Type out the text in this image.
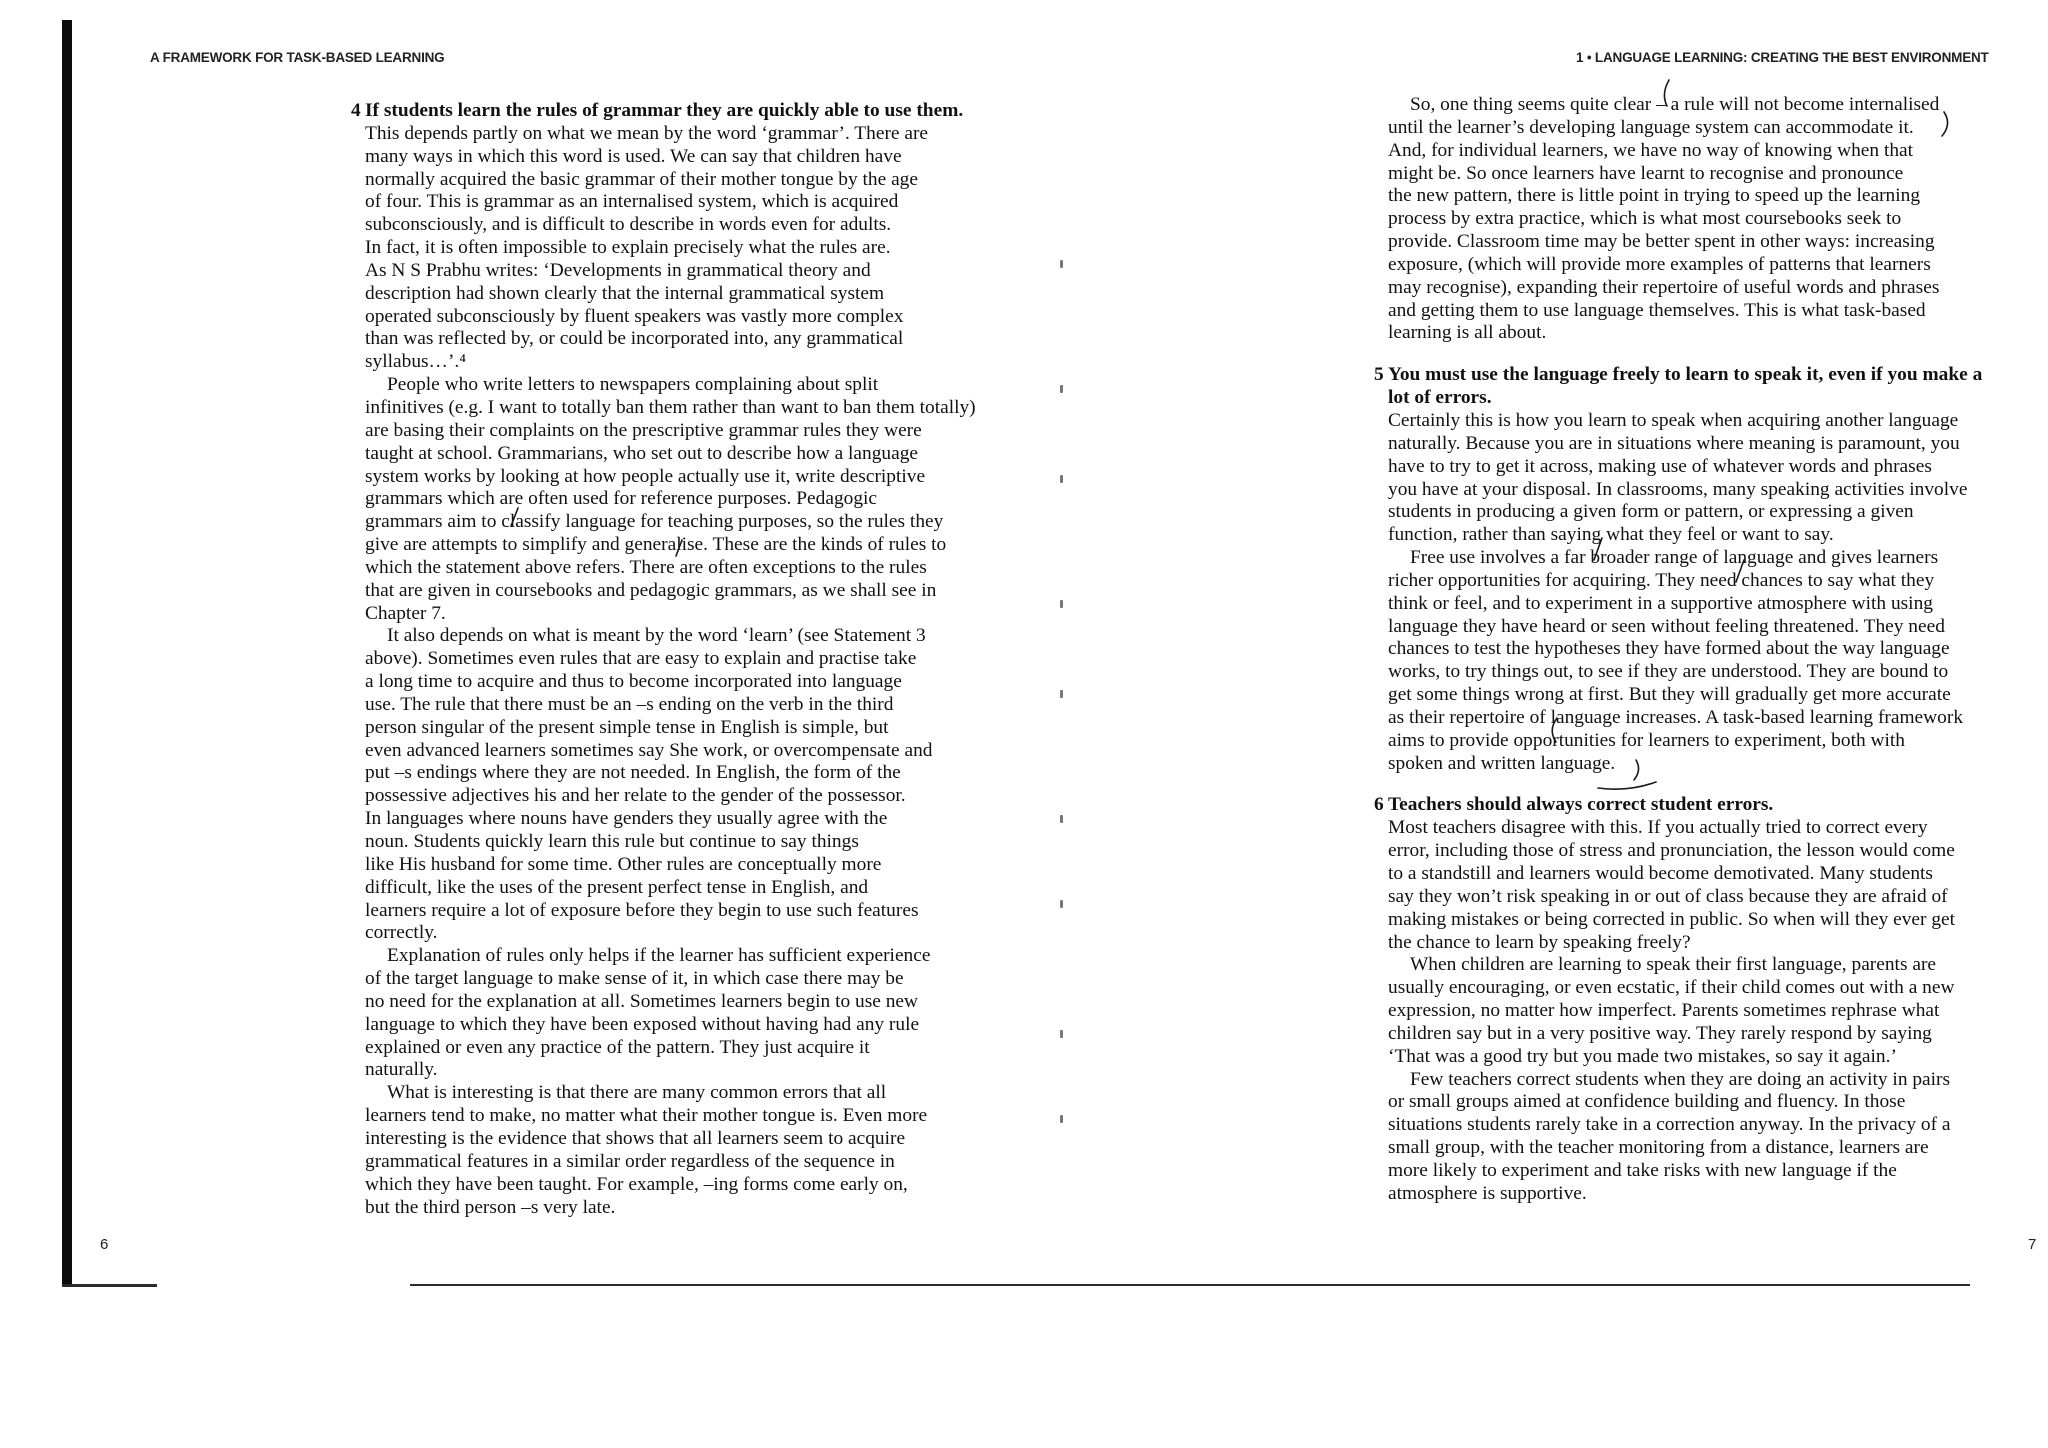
A FRAMEWORK FOR TASK-BASED LEARNING
4 If students learn the rules of grammar they are quickly able to use them.
This depends partly on what we mean by the word ‘grammar’. There are
many ways in which this word is used. We can say that children have
normally acquired the basic grammar of their mother tongue by the age
of four. This is grammar as an internalised system, which is acquired
subconsciously, and is difficult to describe in words even for adults.
In fact, it is often impossible to explain precisely what the rules are.
As N S Prabhu writes: ‘Developments in grammatical theory and
description had shown clearly that the internal grammatical system
operated subconsciously by fluent speakers was vastly more complex
than was reflected by, or could be incorporated into, any grammatical
syllabus…’.⁴
People who write letters to newspapers complaining about split
infinitives (e.g. I want to totally ban them rather than want to ban them totally)
are basing their complaints on the prescriptive grammar rules they were
taught at school. Grammarians, who set out to describe how a language
system works by looking at how people actually use it, write descriptive
grammars which are often used for reference purposes. Pedagogic
grammars aim to classify language for teaching purposes, so the rules they
give are attempts to simplify and generalise. These are the kinds of rules to
which the statement above refers. There are often exceptions to the rules
that are given in coursebooks and pedagogic grammars, as we shall see in
Chapter 7.
It also depends on what is meant by the word ‘learn’ (see Statement 3
above). Sometimes even rules that are easy to explain and practise take
a long time to acquire and thus to become incorporated into language
use. The rule that there must be an –s ending on the verb in the third
person singular of the present simple tense in English is simple, but
even advanced learners sometimes say She work, or overcompensate and
put –s endings where they are not needed. In English, the form of the
possessive adjectives his and her relate to the gender of the possessor.
In languages where nouns have genders they usually agree with the
noun. Students quickly learn this rule but continue to say things
like His husband for some time. Other rules are conceptually more
difficult, like the uses of the present perfect tense in English, and
learners require a lot of exposure before they begin to use such features
correctly.
Explanation of rules only helps if the learner has sufficient experience
of the target language to make sense of it, in which case there may be
no need for the explanation at all. Sometimes learners begin to use new
language to which they have been exposed without having had any rule
explained or even any practice of the pattern. They just acquire it
naturally.
What is interesting is that there are many common errors that all
learners tend to make, no matter what their mother tongue is. Even more
interesting is the evidence that shows that all learners seem to acquire
grammatical features in a similar order regardless of the sequence in
which they have been taught. For example, –ing forms come early on,
but the third person –s very late.
6
1 • LANGUAGE LEARNING: CREATING THE BEST ENVIRONMENT
So, one thing seems quite clear – a rule will not become internalised
until the learner’s developing language system can accommodate it.
And, for individual learners, we have no way of knowing when that
might be. So once learners have learnt to recognise and pronounce
the new pattern, there is little point in trying to speed up the learning
process by extra practice, which is what most coursebooks seek to
provide. Classroom time may be better spent in other ways: increasing
exposure, (which will provide more examples of patterns that learners
may recognise), expanding their repertoire of useful words and phrases
and getting them to use language themselves. This is what task-based
learning is all about.
5 You must use the language freely to learn to speak it, even if you make a
lot of errors.
Certainly this is how you learn to speak when acquiring another language
naturally. Because you are in situations where meaning is paramount, you
have to try to get it across, making use of whatever words and phrases
you have at your disposal. In classrooms, many speaking activities involve
students in producing a given form or pattern, or expressing a given
function, rather than saying what they feel or want to say.
Free use involves a far broader range of language and gives learners
richer opportunities for acquiring. They need chances to say what they
think or feel, and to experiment in a supportive atmosphere with using
language they have heard or seen without feeling threatened. They need
chances to test the hypotheses they have formed about the way language
works, to try things out, to see if they are understood. They are bound to
get some things wrong at first. But they will gradually get more accurate
as their repertoire of language increases. A task-based learning framework
aims to provide opportunities for learners to experiment, both with
spoken and written language.
6 Teachers should always correct student errors.
Most teachers disagree with this. If you actually tried to correct every
error, including those of stress and pronunciation, the lesson would come
to a standstill and learners would become demotivated. Many students
say they won’t risk speaking in or out of class because they are afraid of
making mistakes or being corrected in public. So when will they ever get
the chance to learn by speaking freely?
When children are learning to speak their first language, parents are
usually encouraging, or even ecstatic, if their child comes out with a new
expression, no matter how imperfect. Parents sometimes rephrase what
children say but in a very positive way. They rarely respond by saying
‘That was a good try but you made two mistakes, so say it again.’
Few teachers correct students when they are doing an activity in pairs
or small groups aimed at confidence building and fluency. In those
situations students rarely take in a correction anyway. In the privacy of a
small group, with the teacher monitoring from a distance, learners are
more likely to experiment and take risks with new language if the
atmosphere is supportive.
7
